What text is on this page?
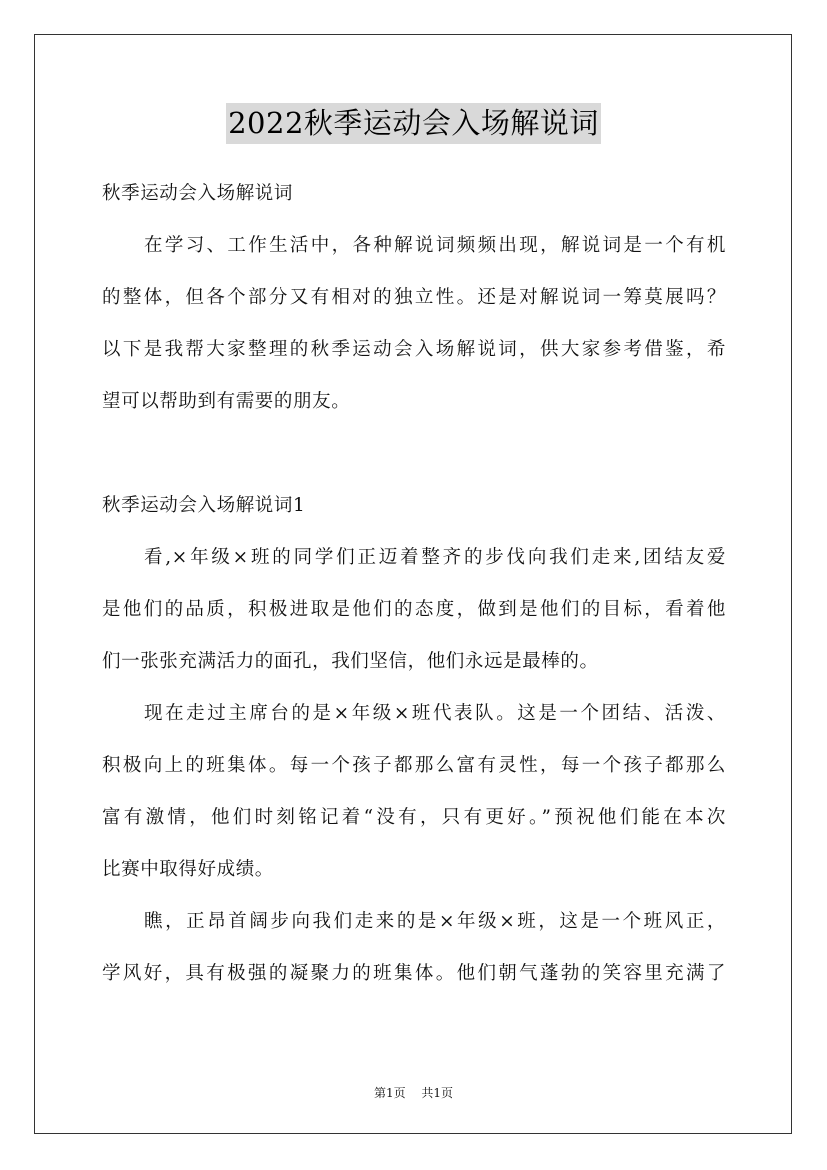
2022秋季运动会入场解说词
秋季运动会入场解说词
在学习、工作生活中，各种解说词频频出现，解说词是一个有机
的整体，但各个部分又有相对的独立性。还是对解说词一筹莫展吗？
以下是我帮大家整理的秋季运动会入场解说词，供大家参考借鉴，希
望可以帮助到有需要的朋友。
秋季运动会入场解说词1
看,×年级×班的同学们正迈着整齐的步伐向我们走来,团结友爱
是他们的品质，积极进取是他们的态度，做到是他们的目标，看着他
们一张张充满活力的面孔，我们坚信，他们永远是最棒的。
现在走过主席台的是×年级×班代表队。这是一个团结、活泼、
积极向上的班集体。每一个孩子都那么富有灵性，每一个孩子都那么
富有激情，他们时刻铭记着“没有，只有更好。”预祝他们能在本次
比赛中取得好成绩。
瞧，正昂首阔步向我们走来的是×年级×班，这是一个班风正，
学风好，具有极强的凝聚力的班集体。他们朝气蓬勃的笑容里充满了
第1页 共1页
